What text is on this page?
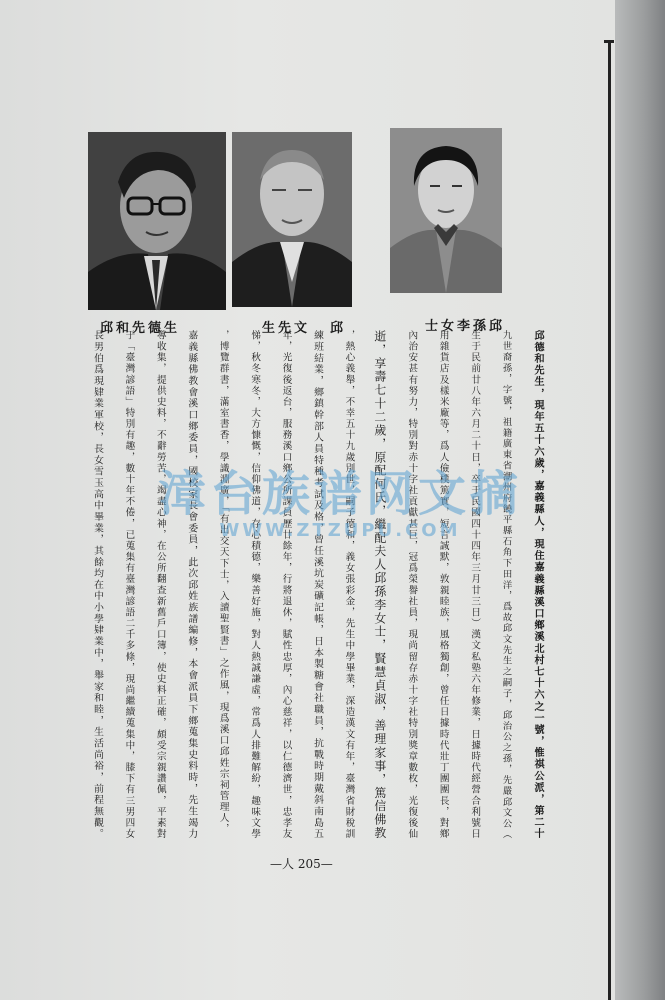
邱和先德生	生先文 邱	士女李孫邱
邱德和先生，現年五十六歲，嘉義縣人，現住嘉義縣溪口鄉溪北村七十六之一號，惟祺公派，第二十
九世裔孫，字號，祖籍廣東省潮州府饒平縣石角下田洋，爲故邱文先生之嗣子，邱治公之孫，先嚴邱文公（
生于民前廿八年六月二十日，卒于民國四十四年三月廿三日）漢文私塾六年修業，日據時代經營合利號日
用雜貨店及樣米廠等，爲人儉樸篤實，短言誠默，敦親睦族，風格獨創，曾任日據時代壯丁團團長，對鄉
內治安甚有努力，特別對赤十字社貢獻甚巨，冠爲榮譽社員，現尚留存赤十字社特別獎章數枚，光復後仙
逝，享壽七十二歲，原配何氏，繼配夫人邱孫李女士，賢慧貞淑，善理家事，篤信佛教
，熱心義舉，不幸五十九歲別世，嗣子德和，義女張彩金，先生中學畢業，深造漢文有年，臺灣省財稅訓
練班結業，鄉鎮幹部人員特種考試及格，曾任溪坑炭礦記帳，日本製糖會社職員，抗戰時期戴斜南島五
年，光復後返台，服務溪口鄉公所課員歷廿餘年，行將退休，賦性忠厚，內心慈祥，以仁德濟世，忠孝友
悌，秋冬寒冬，大方慷慨，信仰佛道，存心積德，樂善好施，對人熱誠謙虛，常爲人排難解紛，趣味文學
，博覽群書，滿室書香，學識淵廣，「有出交天下士，入讀聖賢書」之作風，現爲溪口邱姓宗祠管理人，
嘉義縣佛教會溪口鄉委員，國校家長會委員，此次邱姓族譜編修，本會派員下鄉蒐集史料時，先生竭力
導收集，提供史料，不辭勞苦，竭盡心神，在公所翻查新舊戶口簿，使史料正確，頗受宗親讚佩，平素對
于「臺灣諺語」特別有趣，數十年不倦，已蒐集有臺灣諺語二千多條，現尚繼續蒐集中，膝下有三男四女
長男伯爲現肄業軍校，長女雪玉高中畢業，其餘均在中小學肄業中，舉家和睦，生活尚裕，前程無觀。	漳台族谱网文摘
WWW.ZTZUPU.COM
—人 205—
